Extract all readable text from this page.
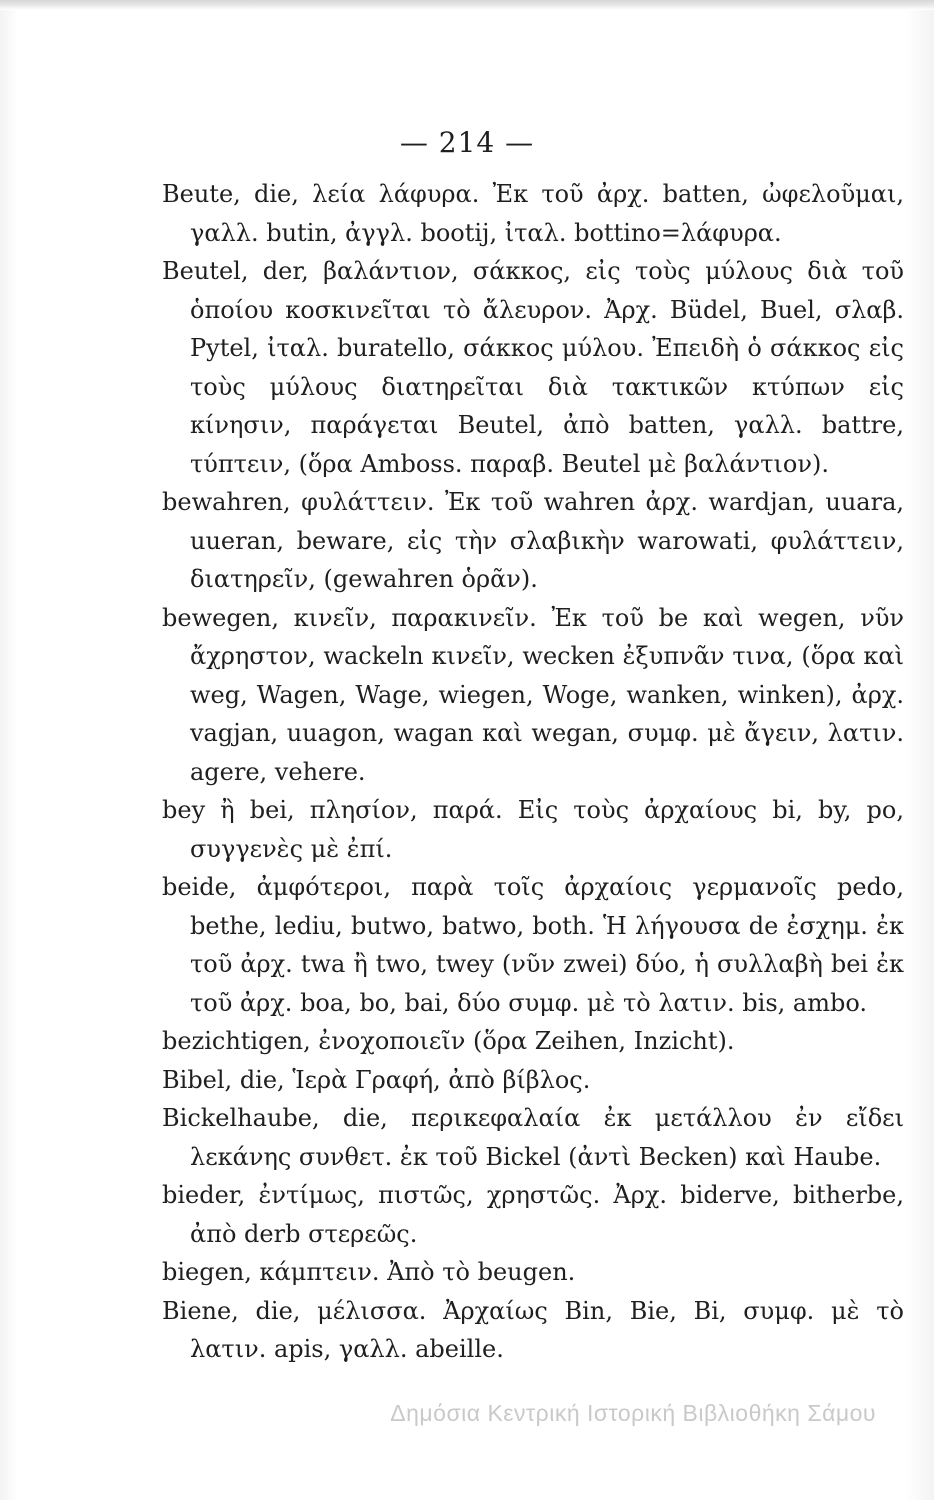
— 214 —

Beute, die, λεία λάφυρα. Ἐκ τοῦ ἀρχ. batten, ὠφελοῦμαι, γαλλ. butin, ἀγγλ. bootij, ἰταλ. bottino=λάφυρα.

Beutel, der, βαλάντιον, σάκκος, εἰς τοὺς μύλους διὰ τοῦ ὁποίου κοσκινεῖται τὸ ἄλευρον. Ἀρχ. Büdel, Buel, σλαβ. Pytel, ἰταλ. buratello, σάκκος μύλου. Ἐπειδὴ ὁ σάκκος εἰς τοὺς μύλους διατηρεῖται διὰ τακτικῶν κτύπων εἰς κίνησιν, παράγεται Beutel, ἀπὸ batten, γαλλ. battre, τύπτειν, (ὅρα Amboss. παραβ. Beutel μὲ βαλάντιον).

bewahren, φυλάττειν. Ἐκ τοῦ wahren ἀρχ. wardjan, uuara, uueran, beware, εἰς τὴν σλαβικὴν warowati, φυλάττειν, διατηρεῖν, (gewahren ὁρᾶν).

bewegen, κινεῖν, παρακινεῖν. Ἐκ τοῦ be καὶ wegen, νῦν ἄχρηστον, wackeln κινεῖν, wecken ἐξυπνᾶν τινα, (ὅρα καὶ weg, Wagen, Wage, wiegen, Woge, wanken, winken), ἀρχ. vagjan, uuagon, wagan καὶ wegan, συμφ. μὲ ἄγειν, λατιν. agere, vehere.

bey ἢ bei, πλησίον, παρά. Εἰς τοὺς ἀρχαίους bi, by, po, συγγενὲς μὲ ἐπί.

beide, ἀμφότεροι, παρὰ τοῖς ἀρχαίοις γερμανοῖς pedo, bethe, lediu, butwo, batwo, both. Ἡ λήγουσα de ἐσχημ. ἐκ τοῦ ἀρχ. twa ἢ two, twey (νῦν zwei) δύο, ἡ συλλαβὴ bei ἐκ τοῦ ἀρχ. boa, bo, bai, δύο συμφ. μὲ τὸ λατιν. bis, ambo.

bezichtigen, ἐνοχοποιεῖν (ὅρα Zeihen, Inzicht).

Bibel, die, Ἱερὰ Γραφή, ἀπὸ βίβλος.

Bickelhaube, die, περικεφαλαία ἐκ μετάλλου ἐν εἴδει λεκάνης συνθετ. ἐκ τοῦ Bickel (ἀντὶ Becken) καὶ Haube.

bieder, ἐντίμως, πιστῶς, χρηστῶς. Ἀρχ. biderve, bitherbe, ἀπὸ derb στερεῶς.

biegen, κάμπτειν. Ἀπὸ τὸ beugen.

Biene, die, μέλισσα. Ἀρχαίως Bin, Bie, Bi, συμφ. μὲ τὸ λατιν. apis, γαλλ. abeille.

Δημόσια Κεντρική Ιστορική Βιβλιοθήκη Σάμου
